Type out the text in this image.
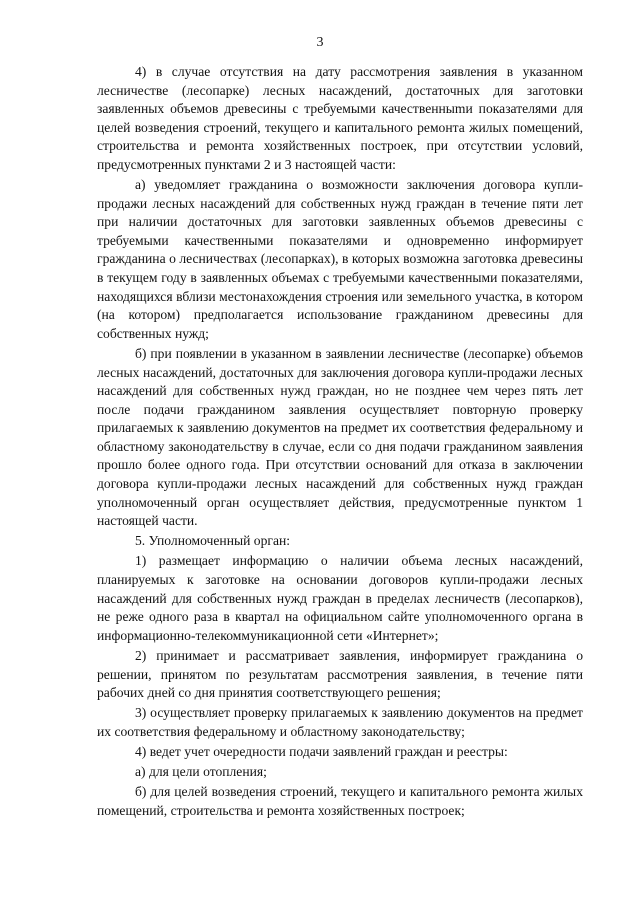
3

4) в случае отсутствия на дату рассмотрения заявления в указанном лесничестве (лесопарке) лесных насаждений, достаточных для заготовки заявленных объемов древесины с требуемыми качественныmи показателями для целей возведения строений, текущего и капитального ремонта жилых помещений, строительства и ремонта хозяйственных построек, при отсутствии условий, предусмотренных пунктами 2 и 3 настоящей части:

а) уведомляет гражданина о возможности заключения договора купли-продажи лесных насаждений для собственных нужд граждан в течение пяти лет при наличии достаточных для заготовки заявленных объемов древесины с требуемыми качественными показателями и одновременно информирует гражданина о лесничествах (лесопарках), в которых возможна заготовка древесины в текущем году в заявленных объемах с требуемыми качественными показателями, находящихся вблизи местонахождения строения или земельного участка, в котором (на котором) предполагается использование гражданином древесины для собственных нужд;

б) при появлении в указанном в заявлении лесничестве (лесопарке) объемов лесных насаждений, достаточных для заключения договора купли-продажи лесных насаждений для собственных нужд граждан, но не позднее чем через пять лет после подачи гражданином заявления осуществляет повторную проверку прилагаемых к заявлению документов на предмет их соответствия федеральному и областному законодательству в случае, если со дня подачи гражданином заявления прошло более одного года. При отсутствии оснований для отказа в заключении договора купли-продажи лесных насаждений для собственных нужд граждан уполномоченный орган осуществляет действия, предусмотренные пунктом 1 настоящей части.

5. Уполномоченный орган:

1) размещает информацию о наличии объема лесных насаждений, планируемых к заготовке на основании договоров купли-продажи лесных насаждений для собственных нужд граждан в пределах лесничеств (лесопарков), не реже одного раза в квартал на официальном сайте уполномоченного органа в информационно-телекоммуникационной сети «Интернет»;

2) принимает и рассматривает заявления, информирует гражданина о решении, принятом по результатам рассмотрения заявления, в течение пяти рабочих дней со дня принятия соответствующего решения;

3) осуществляет проверку прилагаемых к заявлению документов на предмет их соответствия федеральному и областному законодательству;

4) ведет учет очередности подачи заявлений граждан и реестры:

а) для цели отопления;

б) для целей возведения строений, текущего и капитального ремонта жилых помещений, строительства и ремонта хозяйственных построек;
